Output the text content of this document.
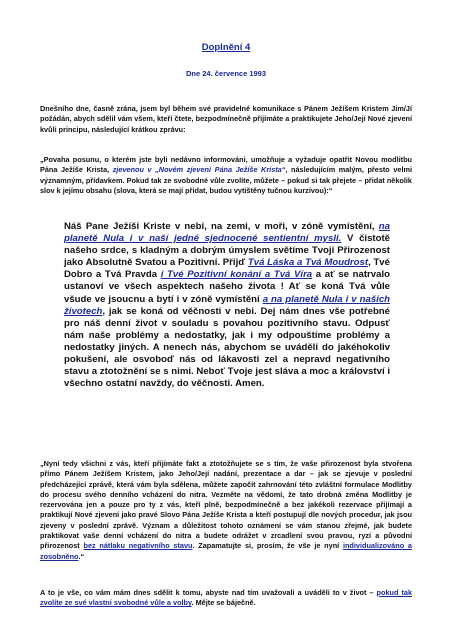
Doplnění 4
Dne 24. července 1993

Dnešního dne, časně zrána, jsem byl během své pravidelné komunikace s Pánem Ježíšem Kristem Jim/Jí požádán, abych sdělil vám všem, kteří čtete, bezpodmínečně přijímáte a praktikujete Jeho/Její Nové zjevení kvůli principu, následující krátkou zprávu:

„Povaha posunu, o kterém jste byli nedávno informováni, umožňuje a vyžaduje opatřit Novou modlitbu Pána Ježíše Krista, zjevenou v „Novém zjevení Pána Ježíše Krista“, následujícím malým, přesto velmi významným, přídavkem. Pokud tak ze svobodné vůle zvolíte, můžete – pokud si tak přejete – přidat několik slov k jejímu obsahu (slova, která se mají přidat, budou vytištěny tučnou kurzívou):“

Náš Pane Ježíši Kriste v nebi, na zemi, v moři, v zóně vymístění, na planetě Nula i v naší jedné sjednocené sentientní mysli. V čistotě našeho srdce, s kladným a dobrým úmyslem světíme Tvoji Přirozenost jako Absolutně Svatou a Pozitivní. Přijď Tvá Láska a Tvá Moudrost, Tvé Dobro a Tvá Pravda i Tvé Pozitivní konání a Tvá Víra a ať se natrvalo ustanoví ve všech aspektech našeho života ! Ať se koná Tvá vůle všude ve jsoucnu a bytí i v zóně vymístění a na planetě Nula i v našich životech, jak se koná od věčnosti v nebi. Dej nám dnes vše potřebné pro náš denní život v souladu s povahou pozitivního stavu. Odpusť nám naše problémy a nedostatky, jak i my odpouštíme problémy a nedostatky jiných. A nenech nás, abychom se uváděli do jakéhokoliv pokušení, ale osvoboď nás od lákavosti zel a nepravd negativního stavu a ztotožnění se s nimi. Neboť Tvoje jest sláva a moc a království i všechno ostatní navždy, do věčnosti. Amen.

„Nyní tedy všichni z vás, kteří přijímáte fakt a ztotožňujete se s tím, že vaše přirozenost byla stvořena přímo Pánem Ježíšem Kristem, jako Jeho/Její nadání, prezentace a dar – jak se zjevuje v poslední předcházející zprávě, která vám byla sdělena, můžete započít zahrnování této zvláštní formulace Modlitby do procesu svého denního vcházení do nitra. Vezměte na vědomí, že tato drobná změna Modlitby je rezervována jen a pouze pro ty z vás, kteří plně, bezpodmínečně a bez jakékoli rezervace přijímají a praktikují Nové zjevení jako pravé Slovo Pána Ježíše Krista a kteří postupují dle nových procedur, jak jsou zjeveny v poslední zprávě. Význam a důležitost tohoto oznámení se vám stanou zřejmé, jak budete praktikovat vaše denní vcházení do nitra a budete odrážet v zrcadlení svou pravou, ryzí a původní přirozenost bez nátlaku negativního stavu. Zapamatujte si, prosím, že vše je nyní individualizováno a zosobněno.“

A to je vše, co vám mám dnes sdělit k tomu, abyste nad tím uvažovali a uváděli to v život – pokud tak zvolíte ze své vlastní svobodné vůle a volby. Mějte se báječně.
